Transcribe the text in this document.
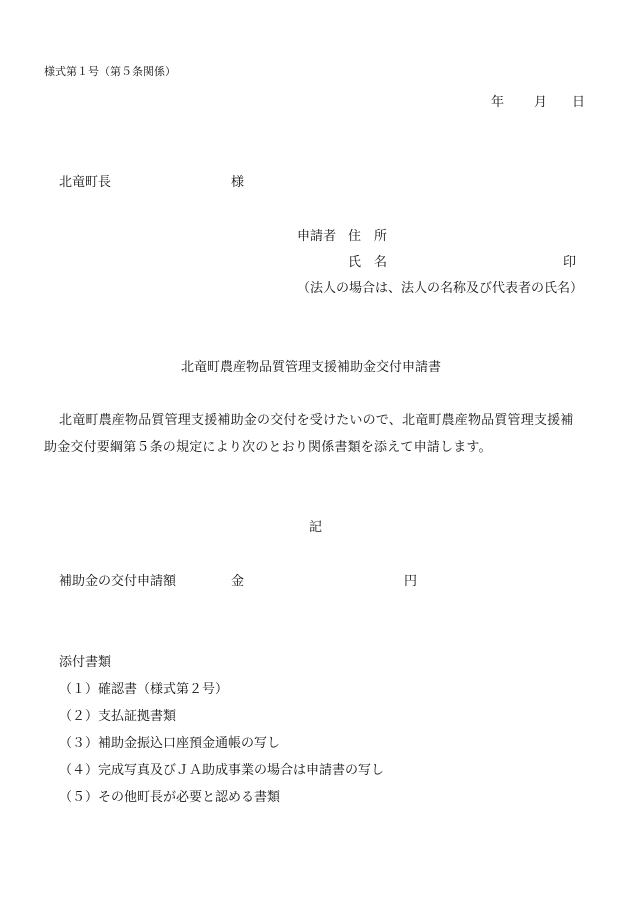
様式第１号（第５条関係）
年 月 日
北竜町長	様
申請者 住　所
氏　名	印
（法人の場合は、法人の名称及び代表者の氏名）
北竜町農産物品質管理支援補助金交付申請書
北竜町農産物品質管理支援補助金の交付を受けたいので、北竜町農産物品質管理支援補
助金交付要綱第５条の規定により次のとおり関係書類を添えて申請します。
記
補助金の交付申請額	金	円
添付書類
（１）確認書（様式第２号）
（２）支払証拠書類
（３）補助金振込口座預金通帳の写し
（４）完成写真及びＪＡ助成事業の場合は申請書の写し
（５）その他町長が必要と認める書類
